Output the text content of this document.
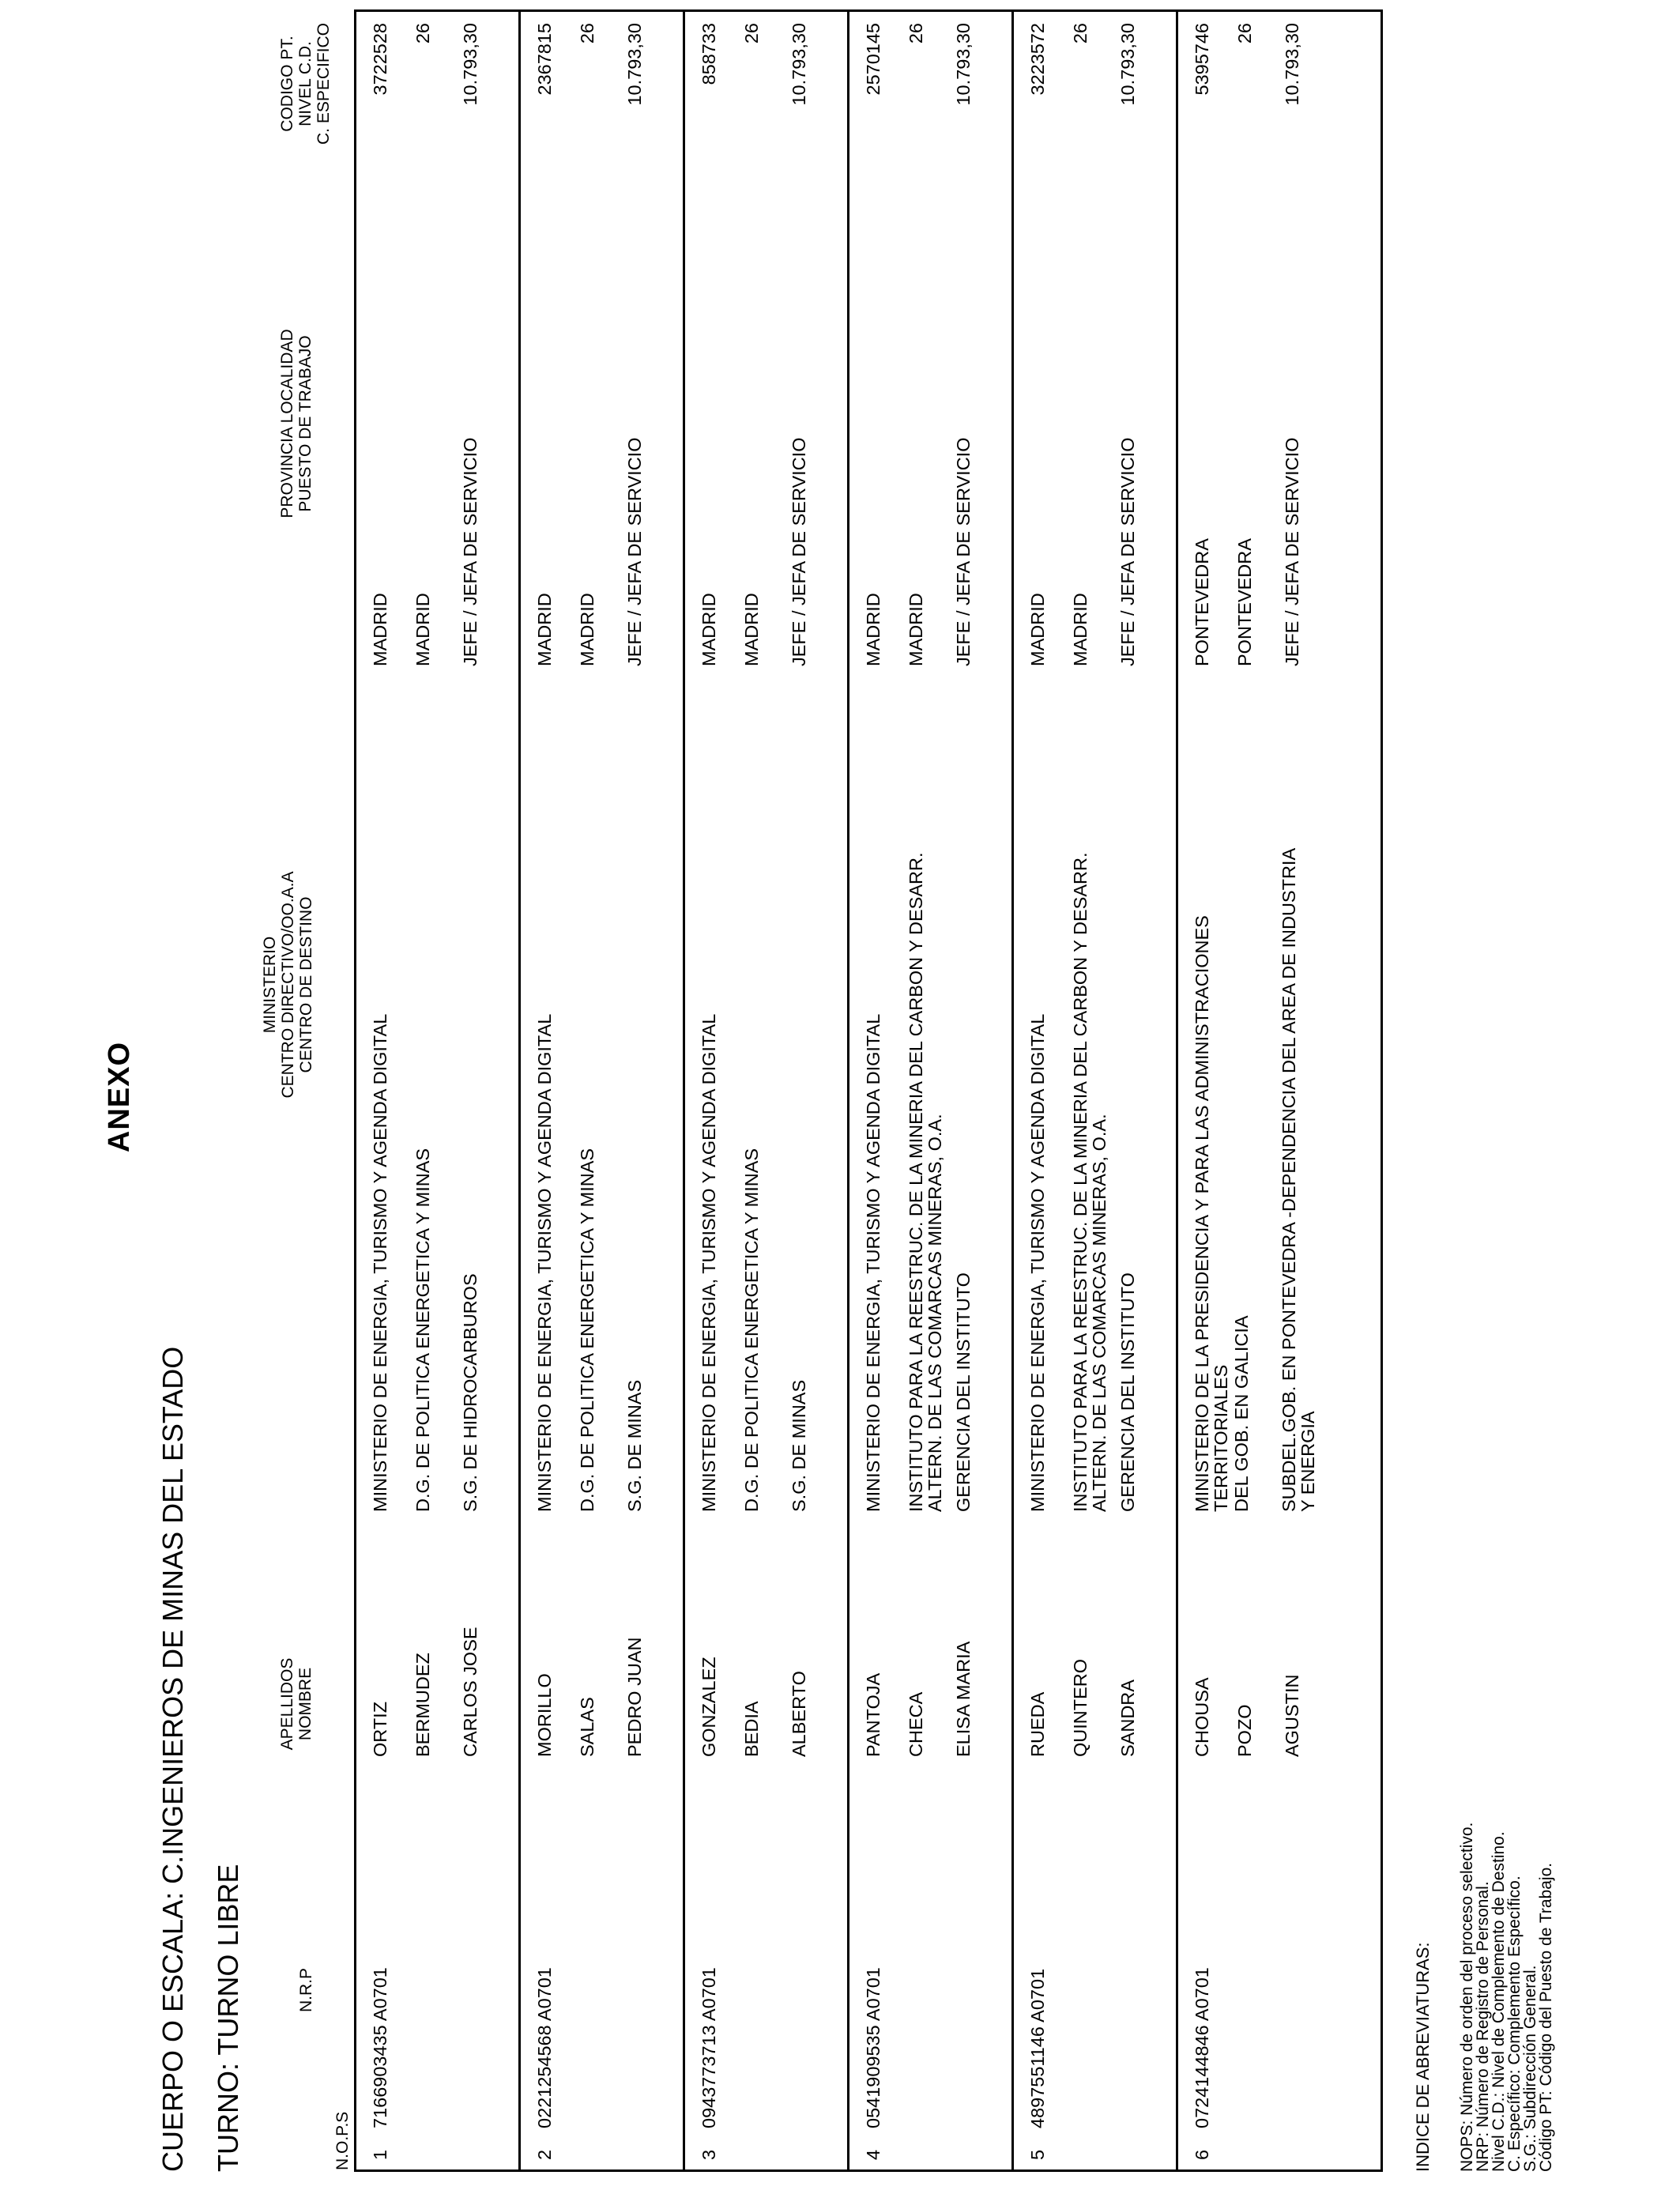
ANEXO
CUERPO O ESCALA: C.INGENIEROS DE MINAS DEL ESTADO TURNO: TURNO LIBRE	N.O.P.S
N.R.P
APELLIDOS NOMBRE
MINISTERIO CENTRO DIRECTIVO/OO.A.A CENTRO DE DESTINO
PROVINCIA LOCALIDAD PUESTO DE TRABAJO
CODIGO PT. NIVEL C.D. C. ESPECIFICO
1
7166903435 A0701
ORTIZ BERMUDEZ CARLOS JOSE
MINISTERIO DE ENERGIA, TURISMO Y AGENDA DIGITAL D.G. DE POLITICA ENERGETICA Y MINAS S.G. DE HIDROCARBUROS
MADRID MADRID JEFE / JEFA DE SERVICIO
3722528 26 10.793,30
2
0221254568 A0701
MORILLO SALAS PEDRO JUAN
MINISTERIO DE ENERGIA, TURISMO Y AGENDA DIGITAL D.G. DE POLITICA ENERGETICA Y MINAS S.G. DE MINAS
MADRID MADRID JEFE / JEFA DE SERVICIO
2367815 26 10.793,30
3
0943773713 A0701
GONZALEZ BEDIA ALBERTO
MINISTERIO DE ENERGIA, TURISMO Y AGENDA DIGITAL D.G. DE POLITICA ENERGETICA Y MINAS S.G. DE MINAS
MADRID MADRID JEFE / JEFA DE SERVICIO
858733 26 10.793,30
4
0541909535 A0701
PANTOJA CHECA ELISA MARIA
MINISTERIO DE ENERGIA, TURISMO Y AGENDA DIGITAL INSTITUTO PARA LA REESTRUC. DE LA MINERIA DEL CARBON Y DESARR.
ALTERN. DE LAS COMARCAS MINERAS, O.A. GERENCIA DEL INSTITUTO
MADRID MADRID JEFE / JEFA DE SERVICIO
2570145 26 10.793,30
5
4897551146 A0701
RUEDA QUINTERO SANDRA
MINISTERIO DE ENERGIA, TURISMO Y AGENDA DIGITAL INSTITUTO PARA LA REESTRUC. DE LA MINERIA DEL CARBON Y DESARR.
ALTERN. DE LAS COMARCAS MINERAS, O.A. GERENCIA DEL INSTITUTO
MADRID MADRID JEFE / JEFA DE SERVICIO
3223572 26 10.793,30
6
0724144846 A0701
CHOUSA POZO AGUSTIN
MINISTERIO DE LA PRESIDENCIA Y PARA LAS ADMINISTRACIONES
TERRITORIALES DEL GOB. EN GALICIA SUBDEL.GOB. EN PONTEVEDRA -DEPENDENCIA DEL AREA DE INDUSTRIA
Y ENERGIA
PONTEVEDRA PONTEVEDRA JEFE / JEFA DE SERVICIO
5395746 26 10.793,30
INDICE DE ABREVIATURAS: NOPS: Número de orden del proceso selectivo.
NRP: Número de Registro de Personal.
Nivel C.D.: Nivel de Complemento de Destino.
C. Específico: Complemento Específico.
S.G.: Subdirección General.
Código PT: Código del Puesto de Trabajo.
